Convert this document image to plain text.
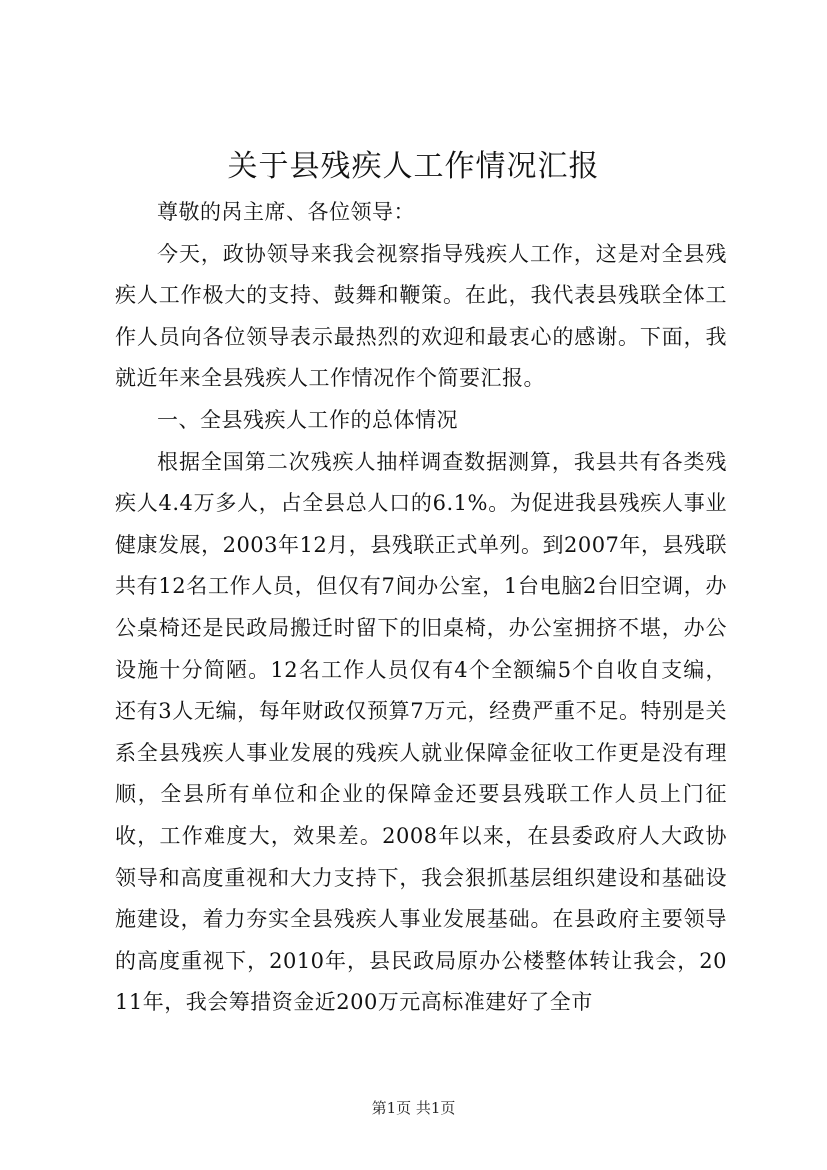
关于县残疾人工作情况汇报

尊敬的呙主席、各位领导：

今天，政协领导来我会视察指导残疾人工作，这是对全县残疾人工作极大的支持、鼓舞和鞭策。在此，我代表县残联全体工作人员向各位领导表示最热烈的欢迎和最衷心的感谢。下面，我就近年来全县残疾人工作情况作个简要汇报。

一、全县残疾人工作的总体情况

根据全国第二次残疾人抽样调查数据测算，我县共有各类残疾人4.4万多人，占全县总人口的6.1%。为促进我县残疾人事业健康发展，2003年12月，县残联正式单列。到2007年，县残联共有12名工作人员，但仅有7间办公室，1台电脑2台旧空调，办公桌椅还是民政局搬迁时留下的旧桌椅，办公室拥挤不堪，办公设施十分简陋。12名工作人员仅有4个全额编5个自收自支编，还有3人无编，每年财政仅预算7万元，经费严重不足。特别是关系全县残疾人事业发展的残疾人就业保障金征收工作更是没有理顺，全县所有单位和企业的保障金还要县残联工作人员上门征收，工作难度大，效果差。2008年以来，在县委政府人大政协领导和高度重视和大力支持下，我会狠抓基层组织建设和基础设施建设，着力夯实全县残疾人事业发展基础。在县政府主要领导的高度重视下，2010年，县民政局原办公楼整体转让我会，2011年，我会筹措资金近200万元高标准建好了全市

第1页 共1页
